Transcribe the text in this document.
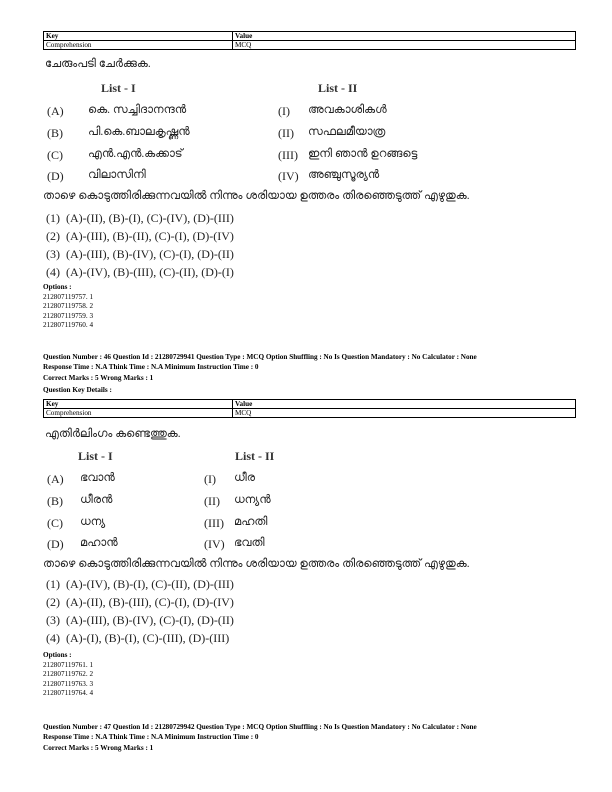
Key	Value
Comprehension	MCQ
ചേരുംപടി ചേർക്കുക.
List - I	List - II
(A) കെ. സച്ചിദാനന്ദൻ	(I) അവകാശികൾ
(B) പി.കെ.ബാലകൃഷ്ണൻ	(II) സഫലമീയാത്ര
(C) എൻ.എൻ.കക്കാട്	(III) ഇനി ഞാൻ ഉറങ്ങട്ടെ
(D) വിലാസിനി	(IV) അഞ്ചുസൂര്യൻ
താഴെ കൊടുത്തിരിക്കുന്നവയിൽ നിന്നും ശരിയായ ഉത്തരം തിരഞ്ഞെടുത്ത് എഴുതുക.
(1) (A)-(II), (B)-(I), (C)-(IV), (D)-(III)
(2) (A)-(III), (B)-(II), (C)-(I), (D)-(IV)
(3) (A)-(III), (B)-(IV), (C)-(I), (D)-(II)
(4) (A)-(IV), (B)-(III), (C)-(II), (D)-(I)
Options :
212807119757. 1
212807119758. 2
212807119759. 3
212807119760. 4
Question Number : 46 Question Id : 21280729941 Question Type : MCQ Option Shuffling : No Is Question Mandatory : No Calculator : None
Response Time : N.A Think Time : N.A Minimum Instruction Time : 0
Correct Marks : 5 Wrong Marks : 1
Question Key Details :
Key	Value
Comprehension	MCQ
എതിർലിംഗം കണ്ടെത്തുക.
List - I	List - II
(A) ഭവാൻ	(I) ധീര
(B) ധീരൻ	(II) ധന്യൻ
(C) ധന്യ	(III) മഹതി
(D) മഹാൻ	(IV) ഭവതി
താഴെ കൊടുത്തിരിക്കുന്നവയിൽ നിന്നും ശരിയായ ഉത്തരം തിരഞ്ഞെടുത്ത് എഴുതുക.
(1) (A)-(IV), (B)-(I), (C)-(II), (D)-(III)
(2) (A)-(II), (B)-(III), (C)-(I), (D)-(IV)
(3) (A)-(III), (B)-(IV), (C)-(I), (D)-(II)
(4) (A)-(I), (B)-(I), (C)-(III), (D)-(III)
Options :
212807119761. 1
212807119762. 2
212807119763. 3
212807119764. 4
Question Number : 47 Question Id : 21280729942 Question Type : MCQ Option Shuffling : No Is Question Mandatory : No Calculator : None
Response Time : N.A Think Time : N.A Minimum Instruction Time : 0
Correct Marks : 5 Wrong Marks : 1
